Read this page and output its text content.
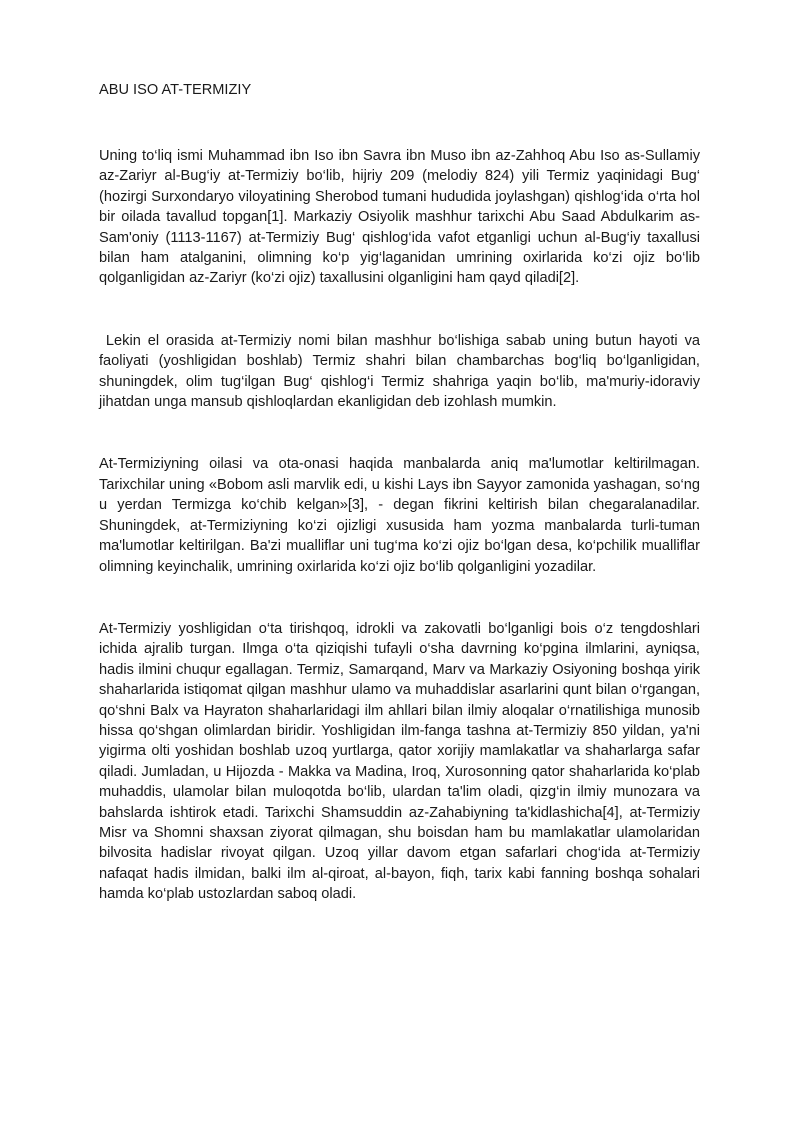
ABU ISO AT-TERMIZIY

Uning to‘liq ismi Muhammad ibn Iso ibn Savra ibn Muso ibn az-Zahhoq Abu Iso as-Sullamiy az-Zariyr al-Bug‘iy at-Termiziy bo‘lib, hijriy 209 (melodiy 824) yili Termiz yaqinidagi Bug‘ (hozirgi Surxondaryo viloyatining Sherobod tumani hududida joylashgan) qishlog‘ida o‘rta hol bir oilada tavallud topgan[1]. Markaziy Osiyolik mashhur tarixchi Abu Saad Abdulkarim as-Sam'oniy (1113-1167) at-Termiziy Bug‘ qishlog‘ida vafot etganligi uchun al-Bug‘iy taxallusi bilan ham atalganini, olimning ko‘p yig‘laganidan umrining oxirlarida ko‘zi ojiz bo‘lib qolganligidan az-Zariyr (ko‘zi ojiz) taxallusini olganligini ham qayd qiladi[2].

Lekin el orasida at-Termiziy nomi bilan mashhur bo‘lishiga sabab uning butun hayoti va faoliyati (yoshligidan boshlab) Termiz shahri bilan chambarchas bog‘liq bo‘lganligidan, shuningdek, olim tug‘ilgan Bug‘ qishlog‘i Termiz shahriga yaqin bo‘lib, ma'muriy-idoraviy jihatdan unga mansub qishloqlardan ekanligidan deb izohlash mumkin.

At-Termiziyning oilasi va ota-onasi haqida manbalarda aniq ma'lumotlar keltirilmagan. Tarixchilar uning «Bobom asli marvlik edi, u kishi Lays ibn Sayyor zamonida yashagan, so‘ng u yerdan Termizga ko‘chib kelgan»[3], - degan fikrini keltirish bilan chegaralanadilar. Shuningdek, at-Termiziyning ko‘zi ojizligi xususida ham yozma manbalarda turli-tuman ma'lumotlar keltirilgan. Ba'zi mualliflar uni tug‘ma ko‘zi ojiz bo‘lgan desa, ko‘pchilik mualliflar olimning keyinchalik, umrining oxirlarida ko‘zi ojiz bo‘lib qolganligini yozadilar.

At-Termiziy yoshligidan o‘ta tirishqoq, idrokli va zakovatli bo‘lganligi bois o‘z tengdoshlari ichida ajralib turgan. Ilmga o‘ta qiziqishi tufayli o‘sha davrning ko‘pgina ilmlarini, ayniqsa, hadis ilmini chuqur egallagan. Termiz, Samarqand, Marv va Markaziy Osiyoning boshqa yirik shaharlarida istiqomat qilgan mashhur ulamo va muhaddislar asarlarini qunt bilan o‘rgangan, qo‘shni Balx va Hayraton shaharlaridagi ilm ahllari bilan ilmiy aloqalar o‘rnatilishiga munosib hissa qo‘shgan olimlardan biridir. Yoshligidan ilm-fanga tashna at-Termiziy 850 yildan, ya'ni yigirma olti yoshidan boshlab uzoq yurtlarga, qator xorijiy mamlakatlar va shaharlarga safar qiladi. Jumladan, u Hijozda - Makka va Madina, Iroq, Xurosonning qator shaharlarida ko‘plab muhaddis, ulamolar bilan muloqotda bo‘lib, ulardan ta'lim oladi, qizg‘in ilmiy munozara va bahslarda ishtirok etadi. Tarixchi Shamsuddin az-Zahabiyning ta'kidlashicha[4], at-Termiziy Misr va Shomni shaxsan ziyorat qilmagan, shu boisdan ham bu mamlakatlar ulamolaridan bilvosita hadislar rivoyat qilgan. Uzoq yillar davom etgan safarlari chog‘ida at-Termiziy nafaqat hadis ilmidan, balki ilm al-qiroat, al-bayon, fiqh, tarix kabi fanning boshqa sohalari hamda ko‘plab ustozlardan saboq oladi.
